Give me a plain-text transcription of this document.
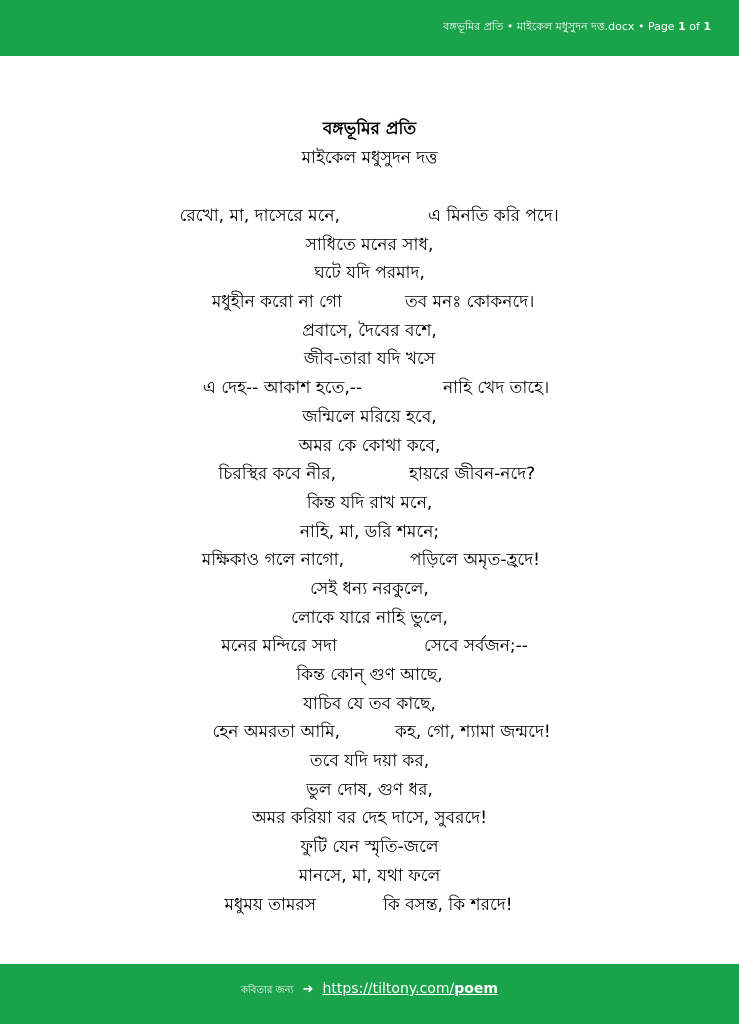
বঙ্গভূমির প্রতি • মাইকেল মধুসুদন দত্ত.docx • Page 1 of 1
বঙ্গভূমির প্রতি
মাইকেল মধুসুদন দত্ত
রেখো, মা, দাসেরে মনে,	এ মিনতি করি পদে।
সাধিতে মনের সাধ,
ঘটে যদি পরমাদ,
মধুহীন করো না গো	তব মনঃ কোকনদে।
প্রবাসে, দৈবের বশে,
জীব-তারা যদি খসে
এ দেহ-- আকাশ হতে,--	নাহি খেদ তাহে।
জন্মিলে মরিয়ে হবে,
অমর কে কোথা কবে,
চিরস্থির কবে নীর,	হায়রে জীবন-নদে?
কিন্ত যদি রাখ মনে,
নাহি, মা, ডরি শমনে;
মক্ষিকাও গলে নাগো,	পড়িলে অমৃত-হ্রদে!
সেই ধন্য নরকুলে,
লোকে যারে নাহি ভুলে,
মনের মন্দিরে সদা	সেবে সর্বজন;--
কিন্ত কোন্ গুণ আছে,
যাচিব যে তব কাছে,
হেন অমরতা আমি,	কহ, গো, শ্যামা জন্মদে!
তবে যদি দয়া কর,
ভুল দোষ, গুণ ধর,
অমর করিয়া বর দেহ দাসে, সুবরদে!
ফুটি যেন স্মৃতি-জলে
মানসে, মা, যথা ফলে
মধুময় তামরস	কি বসন্ত, কি শরদে!
কবিতার জন্য ➜ https://tiltony.com/poem
